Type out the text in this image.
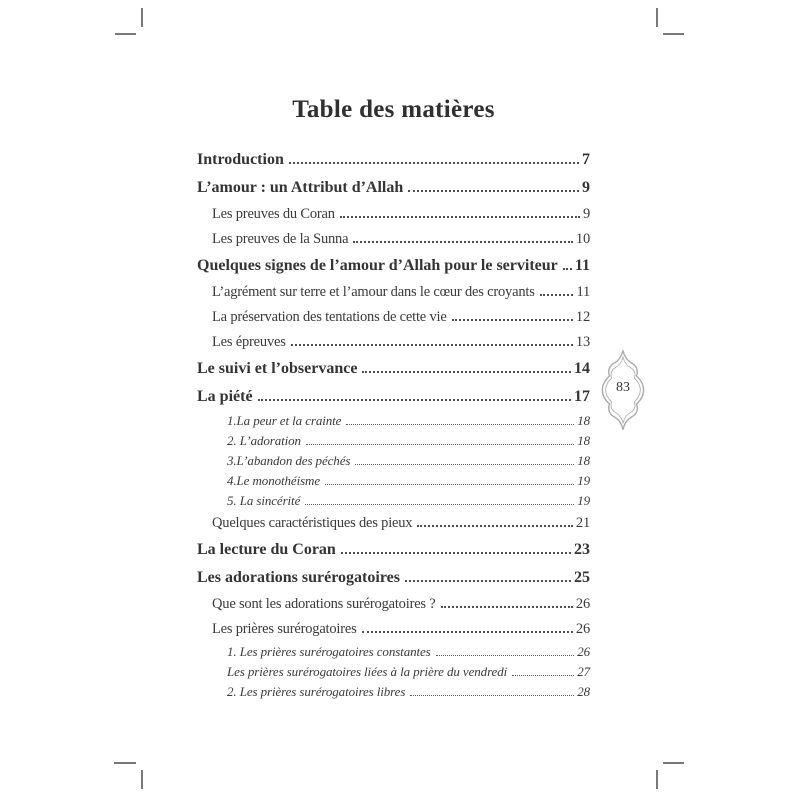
Table des matières
Introduction	7
L’amour : un Attribut d’Allah	9
Les preuves du Coran	9
Les preuves de la Sunna	10
Quelques signes de l’amour d’Allah pour le serviteur 11
L’agrément sur terre et l’amour dans le cœur des croyants	11
La préservation des tentations de cette vie	12
Les épreuves	13
Le suivi et l’observance	14
La piété	17
1.La peur et la crainte	18
2. L’adoration	18
3.L’abandon des péchés	18
4.Le monothéisme	19
5. La sincérité	19
Quelques caractéristiques des pieux	21
La lecture du Coran	23
Les adorations surérogatoires	25
Que sont les adorations surérogatoires ?	26
Les prières surérogatoires	26
1. Les prières surérogatoires constantes	26
Les prières surérogatoires liées à la prière du vendredi	27
2. Les prières surérogatoires libres	28
83
